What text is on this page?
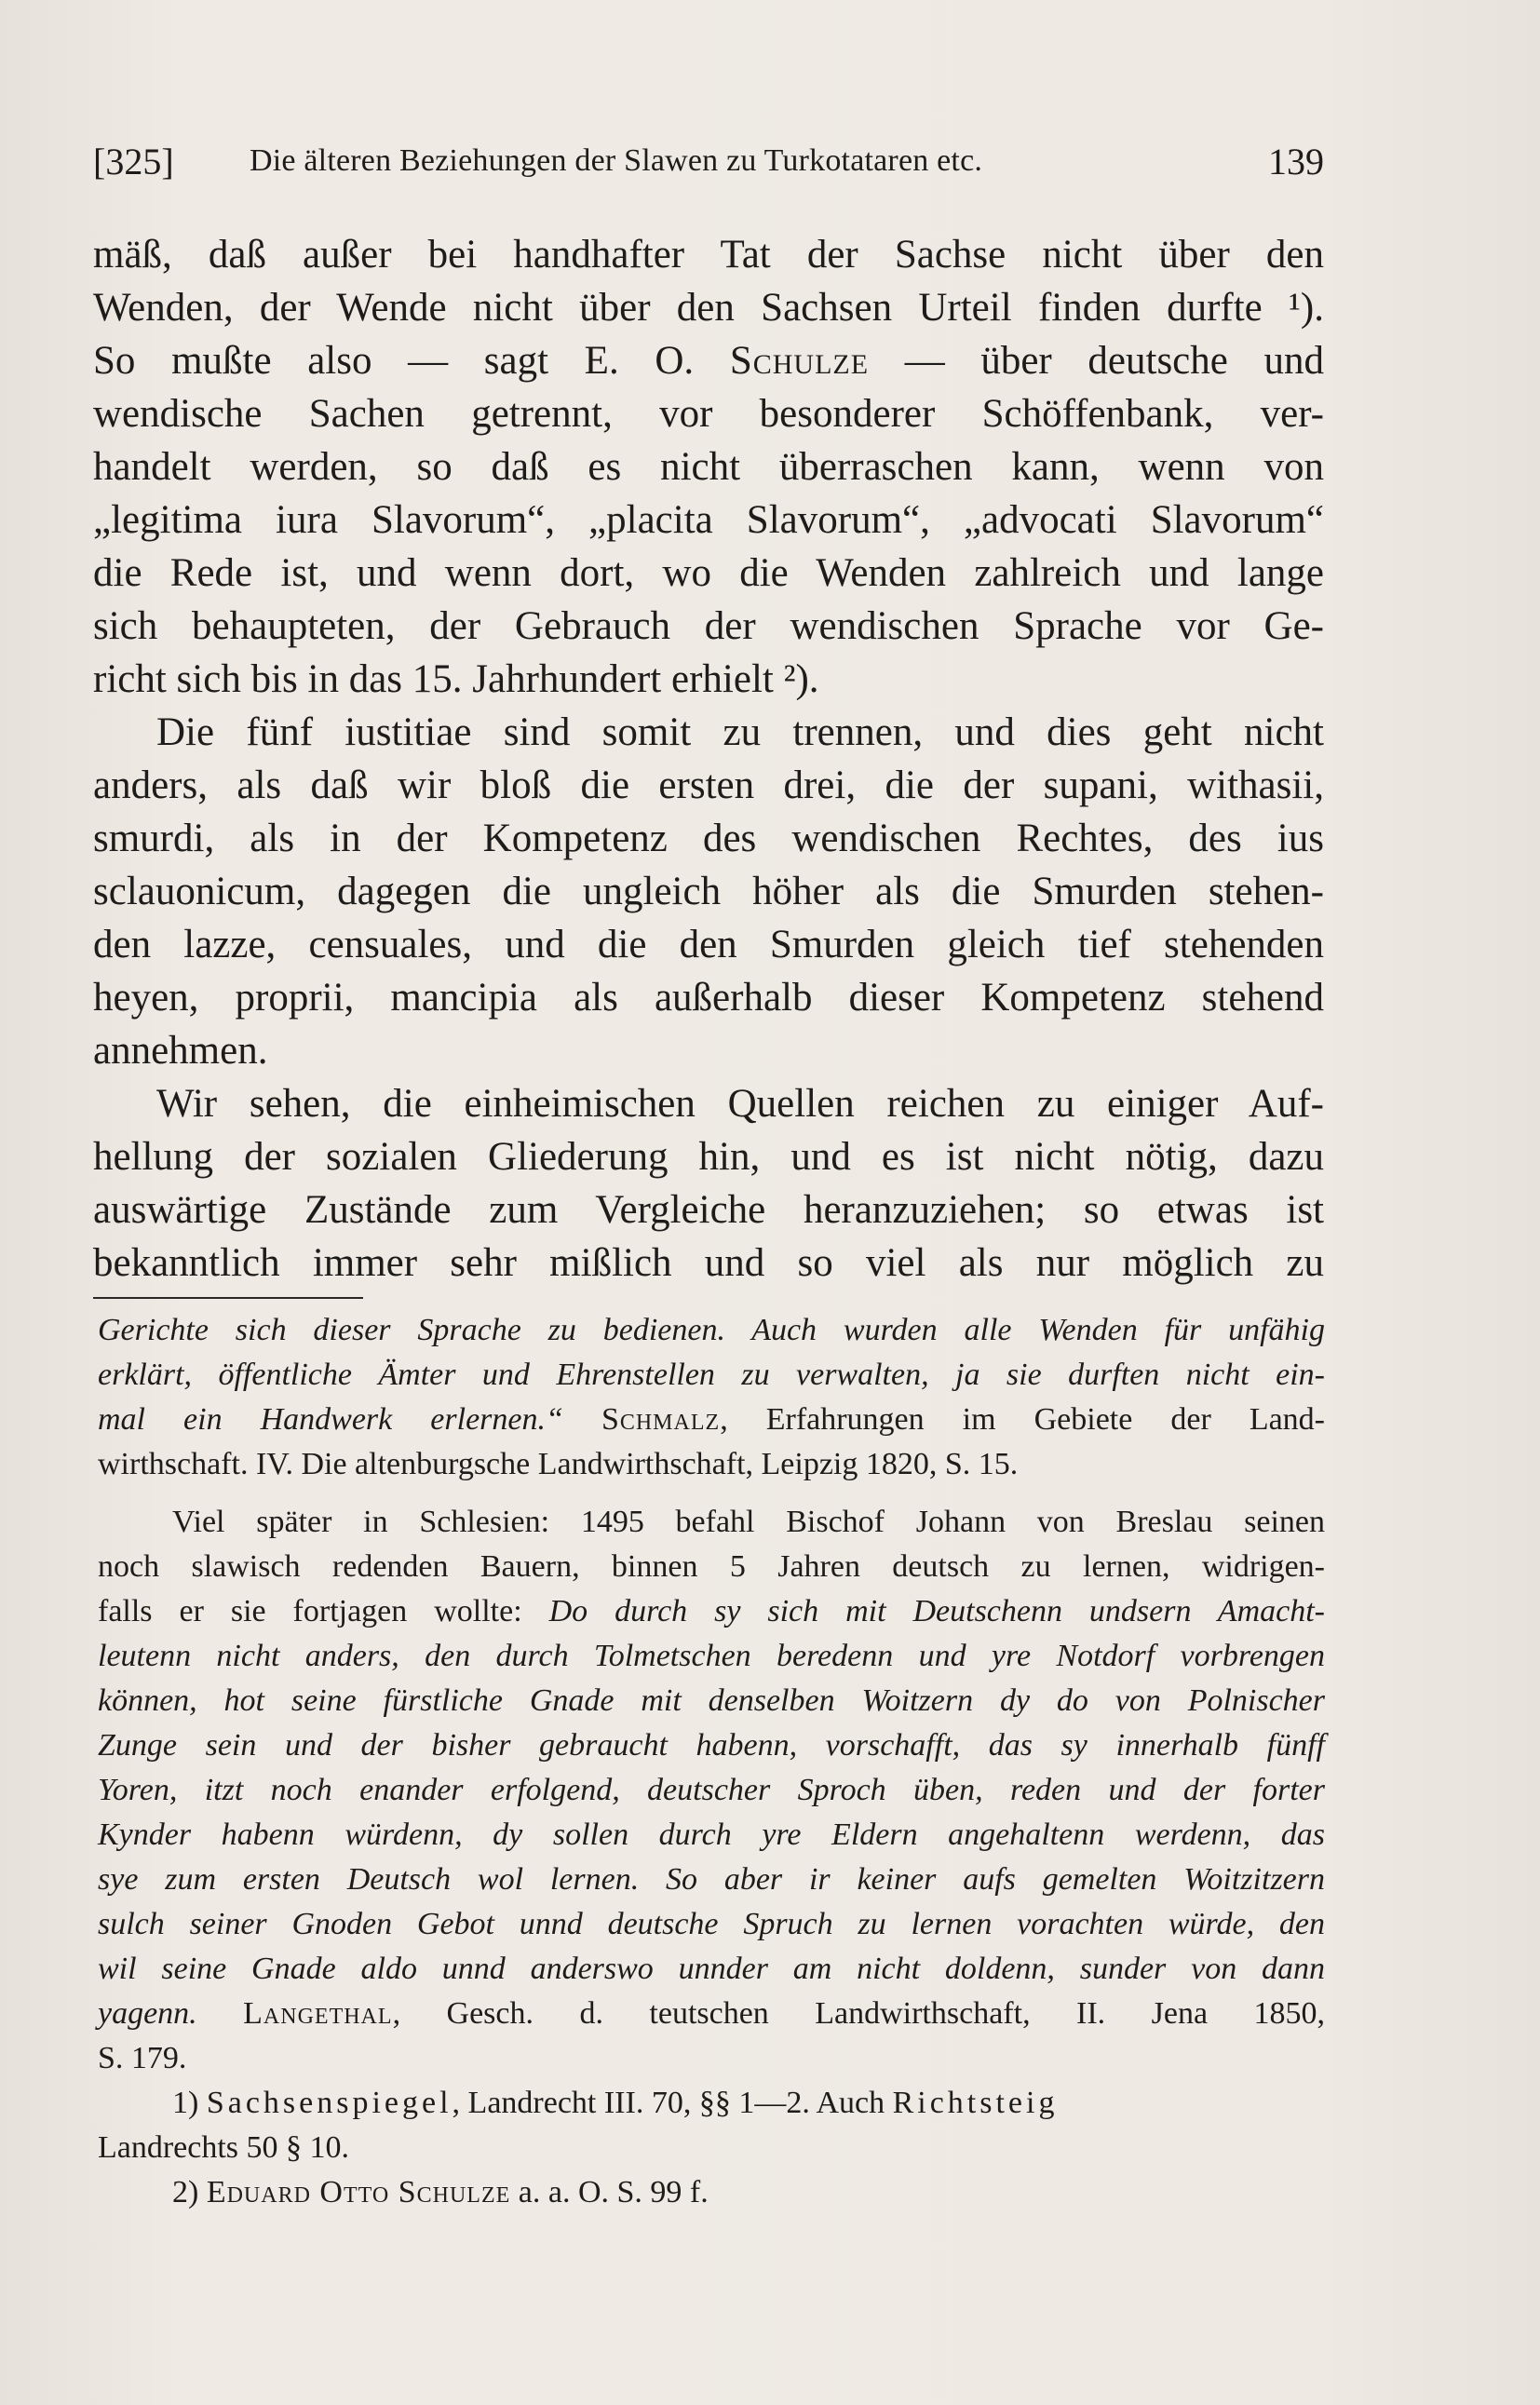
[325] Die älteren Beziehungen der Slawen zu Turkotataren etc.	139
mäß, daß außer bei handhafter Tat der Sachse nicht über den
Wenden, der Wende nicht über den Sachsen Urteil finden durfte ¹).
So mußte also — sagt E. O. Schulze — über deutsche und
wendische Sachen getrennt, vor besonderer Schöffenbank, ver-
handelt werden, so daß es nicht überraschen kann, wenn von
„legitima iura Slavorum“, „placita Slavorum“, „advocati Slavorum“
die Rede ist, und wenn dort, wo die Wenden zahlreich und lange
sich behaupteten, der Gebrauch der wendischen Sprache vor Ge-
richt sich bis in das 15. Jahrhundert erhielt ²).
Die fünf iustitiae sind somit zu trennen, und dies geht nicht
anders, als daß wir bloß die ersten drei, die der supani, withasii,
smurdi, als in der Kompetenz des wendischen Rechtes, des ius
sclauonicum, dagegen die ungleich höher als die Smurden stehen-
den lazze, censuales, und die den Smurden gleich tief stehenden
heyen, proprii, mancipia als außerhalb dieser Kompetenz stehend
annehmen.
Wir sehen, die einheimischen Quellen reichen zu einiger Auf-
hellung der sozialen Gliederung hin, und es ist nicht nötig, dazu
auswärtige Zustände zum Vergleiche heranzuziehen; so etwas ist
bekanntlich immer sehr mißlich und so viel als nur möglich zu
Gerichte sich dieser Sprache zu bedienen. Auch wurden alle Wenden für unfähig
erklärt, öffentliche Ämter und Ehrenstellen zu verwalten, ja sie durften nicht ein-
mal ein Handwerk erlernen.“ Schmalz, Erfahrungen im Gebiete der Land-
wirthschaft. IV. Die altenburgsche Landwirthschaft, Leipzig 1820, S. 15.
Viel später in Schlesien: 1495 befahl Bischof Johann von Breslau seinen
noch slawisch redenden Bauern, binnen 5 Jahren deutsch zu lernen, widrigen-
falls er sie fortjagen wollte: Do durch sy sich mit Deutschenn undsern Amacht-
leutenn nicht anders, den durch Tolmetschen beredenn und yre Notdorf vorbrengen
können, hot seine fürstliche Gnade mit denselben Woitzern dy do von Polnischer
Zunge sein und der bisher gebraucht habenn, vorschafft, das sy innerhalb fünff
Yoren, itzt noch enander erfolgend, deutscher Sproch üben, reden und der forter
Kynder habenn würdenn, dy sollen durch yre Eldern angehaltenn werdenn, das
sye zum ersten Deutsch wol lernen. So aber ir keiner aufs gemelten Woitzitzern
sulch seiner Gnoden Gebot unnd deutsche Spruch zu lernen vorachten würde, den
wil seine Gnade aldo unnd anderswo unnder am nicht doldenn, sunder von dann
yagenn. Langethal, Gesch. d. teutschen Landwirthschaft, II. Jena 1850,
S. 179.
1) Sachsenspiegel, Landrecht III. 70, §§ 1—2. Auch Richtsteig
Landrechts 50 § 10.
2) Eduard Otto Schulze a. a. O. S. 99 f.
